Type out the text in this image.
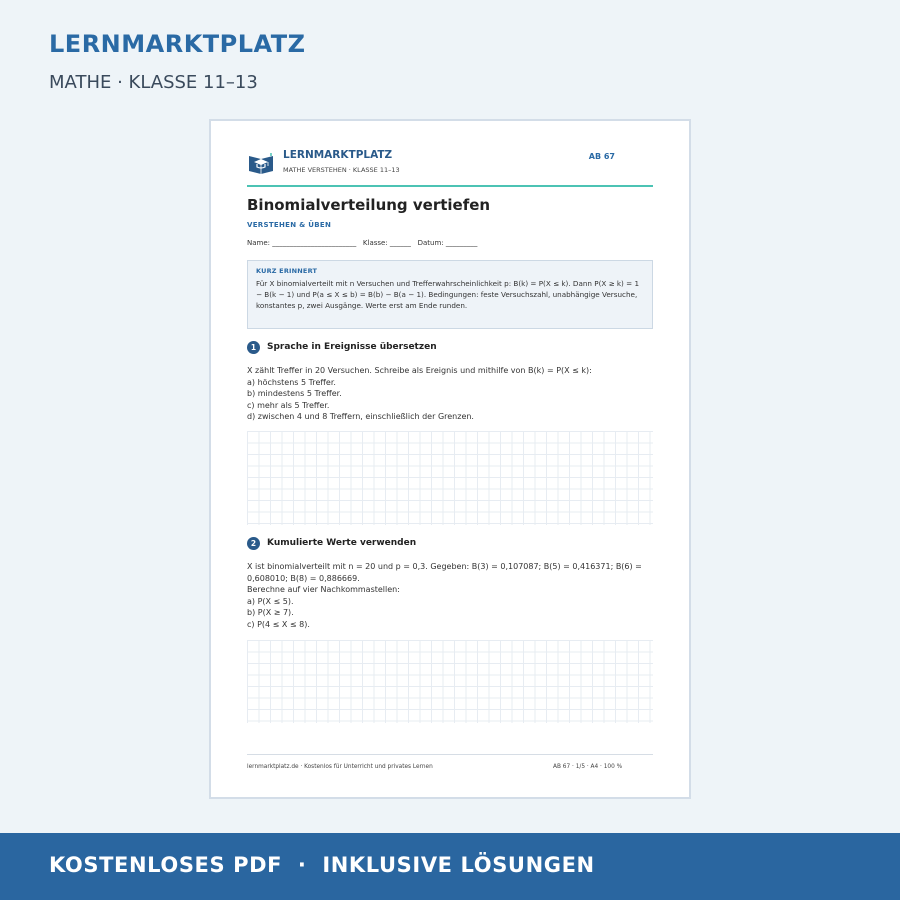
LERNMARKTPLATZ
MATHE · KLASSE 11–13
LERNMARKTPLATZ
MATHE VERSTEHEN · KLASSE 11–13
AB 67
Binomialverteilung vertiefen
VERSTEHEN & ÜBEN
Name: ________________________   Klasse: ______   Datum: _________
KURZ ERINNERT
Für X binomialverteilt mit n Versuchen und Trefferwahrscheinlichkeit p: B(k) = P(X ≤ k). Dann P(X ≥ k) = 1 − B(k − 1) und P(a ≤ X ≤ b) = B(b) − B(a − 1). Bedingungen: feste Versuchszahl, unabhängige Versuche, konstantes p, zwei Ausgänge. Werte erst am Ende runden.
1	Sprache in Ereignisse übersetzen
X zählt Treffer in 20 Versuchen. Schreibe als Ereignis und mithilfe von B(k) = P(X ≤ k):
a) höchstens 5 Treffer.
b) mindestens 5 Treffer.
c) mehr als 5 Treffer.
d) zwischen 4 und 8 Treffern, einschließlich der Grenzen.
2	Kumulierte Werte verwenden
X ist binomialverteilt mit n = 20 und p = 0,3. Gegeben: B(3) = 0,107087; B(5) = 0,416371; B(6) =
0,608010; B(8) = 0,886669.
Berechne auf vier Nachkommastellen:
a) P(X ≤ 5).
b) P(X ≥ 7).
c) P(4 ≤ X ≤ 8).
lernmarktplatz.de · Kostenlos für Unterricht und privates Lernen	AB 67 · 1/5 · A4 · 100 %
KOSTENLOSES PDF  ·  INKLUSIVE LÖSUNGEN
